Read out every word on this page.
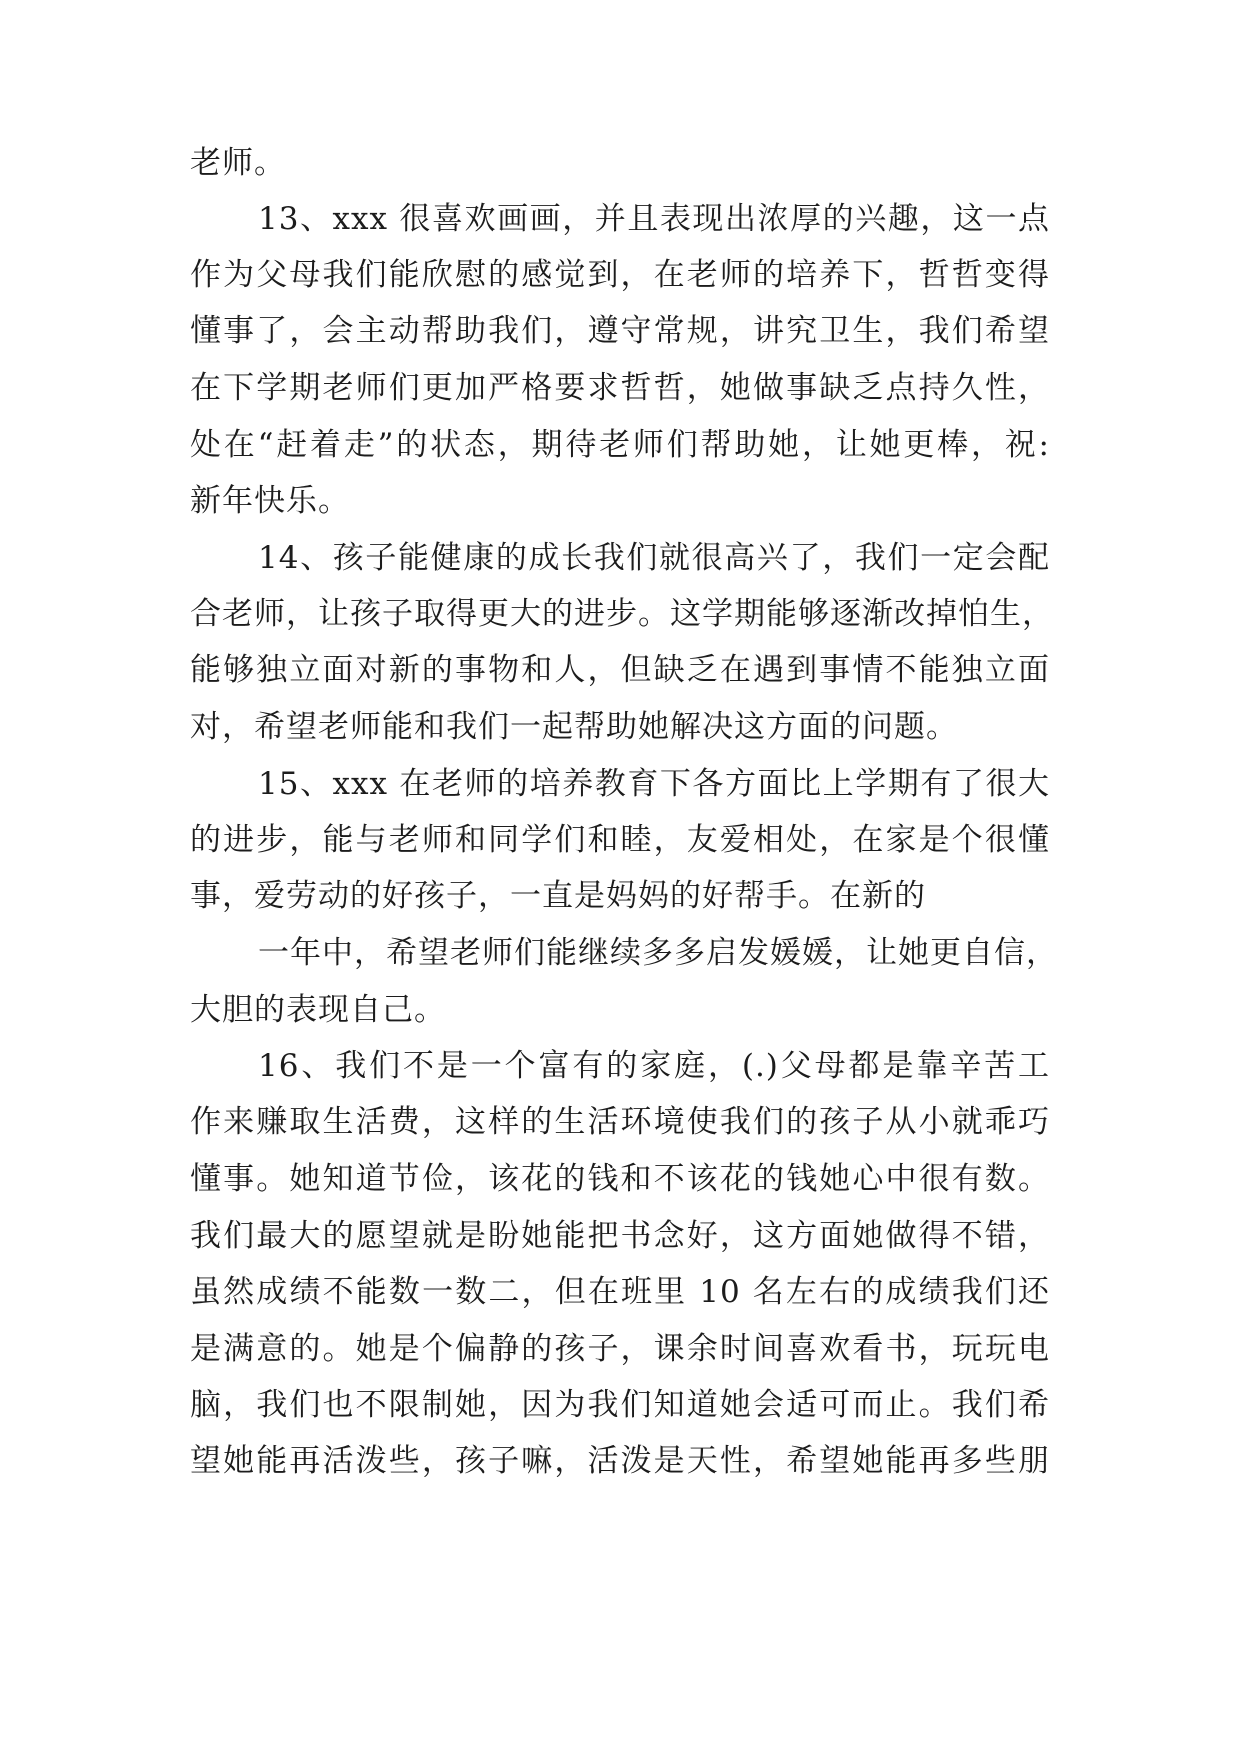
老师。
13、xxx 很喜欢画画，并且表现出浓厚的兴趣，这一点
作为父母我们能欣慰的感觉到，在老师的培养下，哲哲变得
懂事了，会主动帮助我们，遵守常规，讲究卫生，我们希望
在下学期老师们更加严格要求哲哲，她做事缺乏点持久性，
处在“赶着走”的状态，期待老师们帮助她，让她更棒，祝:
新年快乐。
14、孩子能健康的成长我们就很高兴了，我们一定会配
合老师，让孩子取得更大的进步。这学期能够逐渐改掉怕生，
能够独立面对新的事物和人，但缺乏在遇到事情不能独立面
对，希望老师能和我们一起帮助她解决这方面的问题。
15、xxx 在老师的培养教育下各方面比上学期有了很大
的进步，能与老师和同学们和睦，友爱相处，在家是个很懂
事，爱劳动的好孩子，一直是妈妈的好帮手。在新的
一年中，希望老师们能继续多多启发媛媛，让她更自信，
大胆的表现自己。
16、我们不是一个富有的家庭，(.)父母都是靠辛苦工
作来赚取生活费，这样的生活环境使我们的孩子从小就乖巧
懂事。她知道节俭，该花的钱和不该花的钱她心中很有数。
我们最大的愿望就是盼她能把书念好，这方面她做得不错，
虽然成绩不能数一数二，但在班里 10 名左右的成绩我们还
是满意的。她是个偏静的孩子，课余时间喜欢看书，玩玩电
脑，我们也不限制她，因为我们知道她会适可而止。我们希
望她能再活泼些，孩子嘛，活泼是天性，希望她能再多些朋
